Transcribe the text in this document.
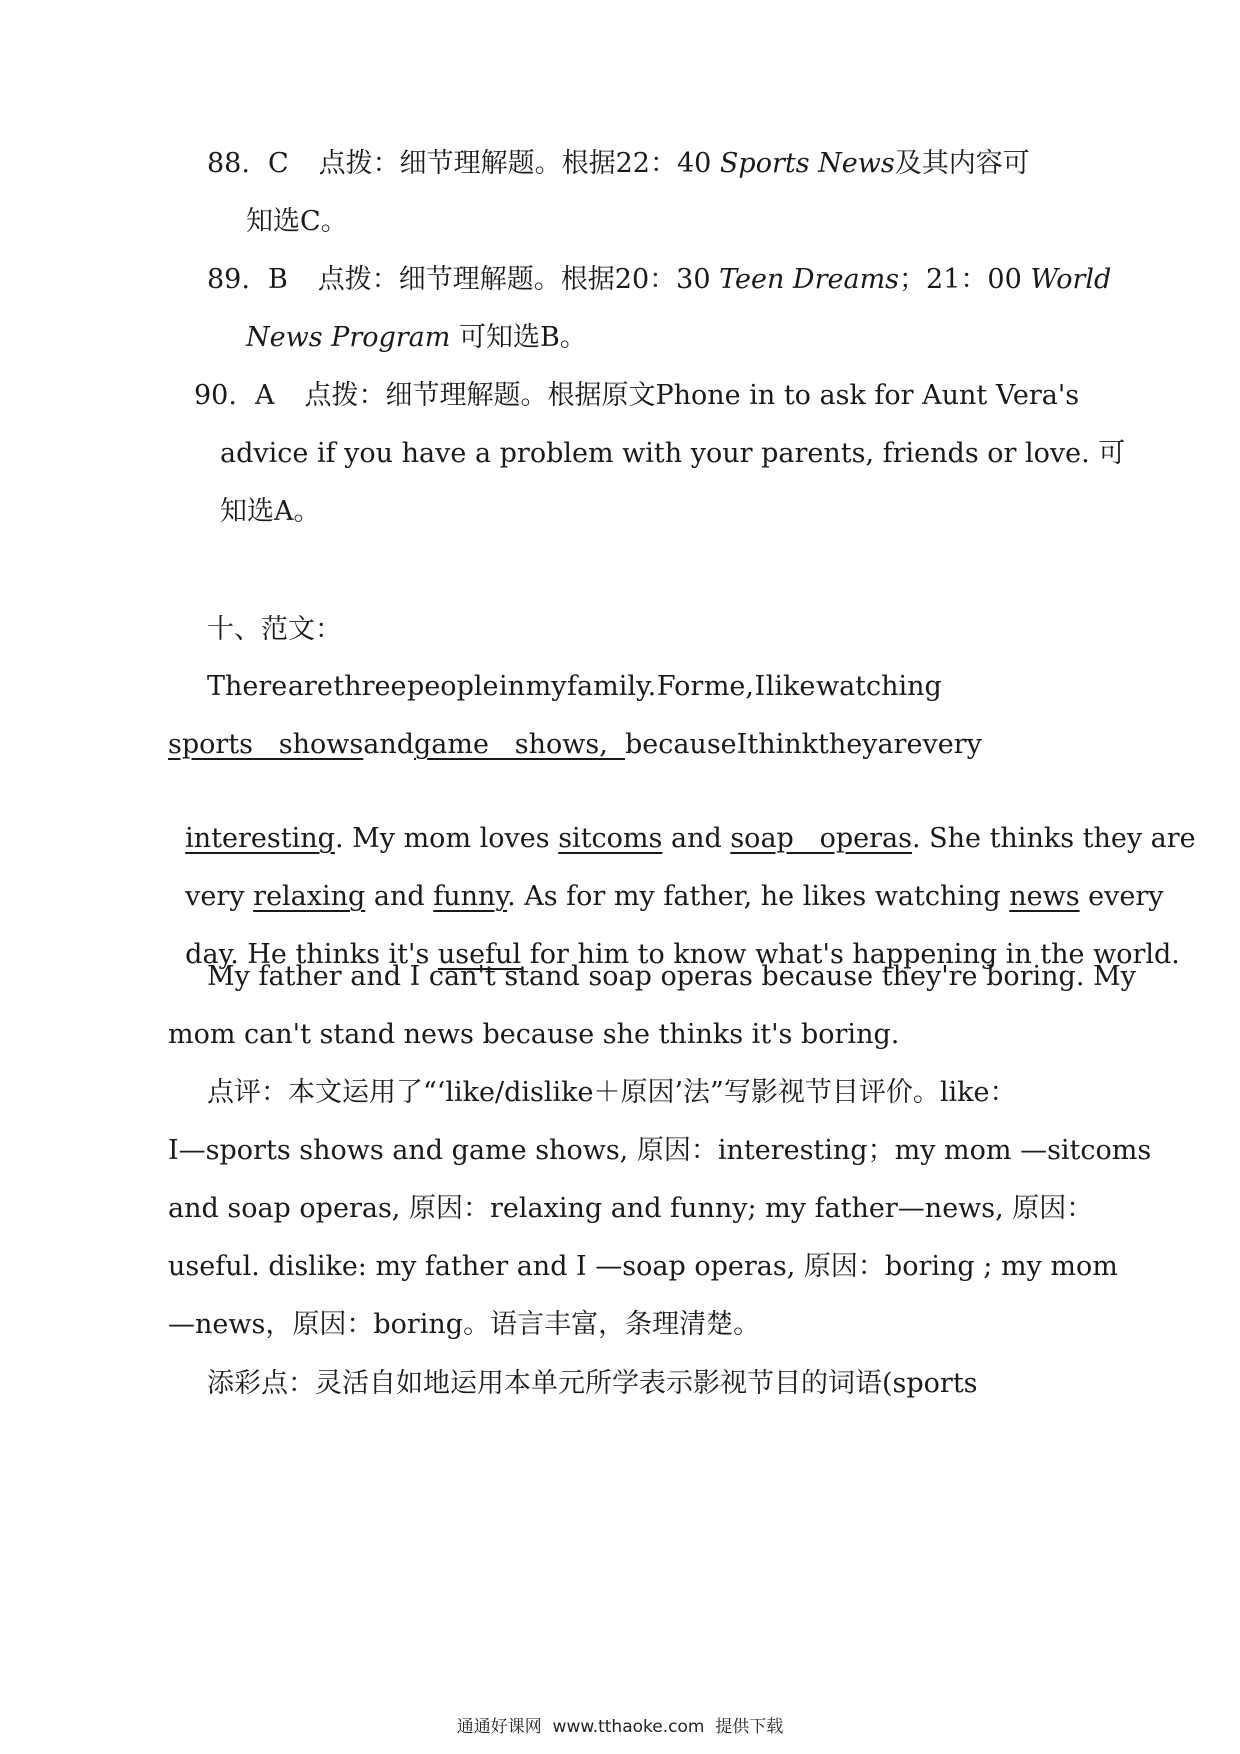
88. C 点拨：细节理解题。根据22：40 Sports News及其内容可
知选C。
89. B 点拨：细节理解题。根据20：30 Teen Dreams；21：00 World
News Program 可知选B。
90. A 点拨：细节理解题。根据原文Phone in to ask for Aunt Vera's
advice if you have a problem with your parents, friends or love. 可
知选A。
十、范文：
There are three people in my family. For me, I like watching
sports   shows and game   shows, because I think they are very

interesting. My mom loves sitcoms and soap   operas. She thinks they are

very relaxing and funny. As for my father, he likes watching news every

day. He thinks it's useful for him to know what's happening in the world.

My father and I can't stand soap operas because they're boring. My
mom can't stand news because she thinks it's boring.
点评：本文运用了“‘like/dislike＋原因’法”写影视节目评价。like：
I—sports shows and game shows, 原因：interesting；my mom —sitcoms
and soap operas, 原因：relaxing and funny; my father—news, 原因：
useful. dislike: my father and I —soap operas, 原因：boring ; my mom
—news，原因：boring。语言丰富，条理清楚。
添彩点：灵活自如地运用本单元所学表示影视节目的词语(sports
通通好课网  www.tthaoke.com  提供下载
